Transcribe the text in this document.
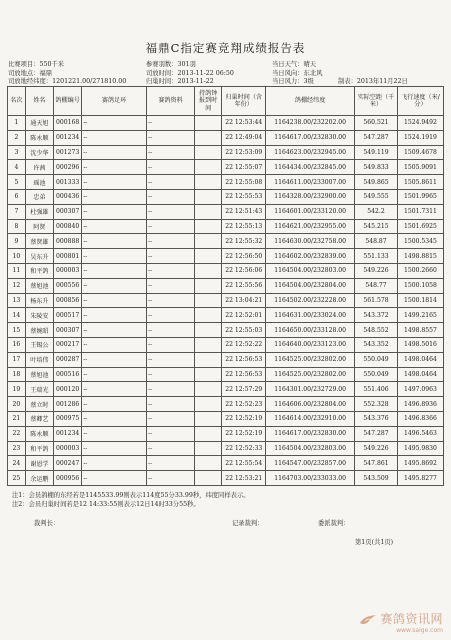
福鼎C指定赛竞翔成绩报告表
比赛项目：550千米
司放地点：福鼎
司放地经纬度：1201221.00/271810.00
参赛羽数：301羽
司放时间：2013-11-22 06:50
归巢时间：2013-11-22
当日天气：晴天
当日风向：东北风
当日风力：3级	制表：2013年11月22日
名次	姓名	鸽棚编号	赛鸽足环	赛鸽资料	持鸽钟报到时间	归巢时间（含年份）	鸽棚经纬度	实际空距（千米）	飞行速度（米/分）
1	通天旭	000168	--	--		22 12:53:44	1164238.00/232202.00	560.521	1524.9492
2	陈永顺	001234	--	--		22 12:49:04	1164617.00/232830.00	547.287	1524.1919
3	沈少华	001273	--	--		22 12:53:09	1164623.00/232945.00	549.119	1509.4678
4	许茜	000296	--	--		22 12:55:07	1164434.00/232845.00	549.833	1505.9091
5	瑶池	001333	--	--		22 12:55:08	1164611.00/233007.00	549.865	1505.8611
6	忠弟	000436	--	--		22 12:55:53	1164328.00/232900.00	549.555	1501.9965
7	杜强雄	000307	--	--		22 12:51:43	1164601.00/233120.00	542.2	1501.7311
8	阿贤	000840	--	--		22 12:55:13	1164621.00/232955.00	545.215	1501.6925
9	蔡贤雄	000888	--	--		22 12:55:32	1164630.00/232758.00	548.87	1500.5345
10	吴东升	000801	--	--		22 12:56:50	1164602.00/232839.00	551.133	1498.8815
11	和平鸽	000003	--	--		22 12:56:06	1164504.00/232803.00	549.226	1500.2660
12	蔡旭池	000556	--	--		22 12:55:56	1164504.00/232804.00	548.77	1500.1058
13	杨东升	000856	--	--		22 13:04:21	1164502.00/232228.00	561.578	1500.1814
14	朱陵安	000517	--	--		22 12:52:01	1164631.00/233024.00	543.372	1499.2165
15	蔡婉昭	000307	--	--		22 12:55:03	1164650.00/233128.00	548.552	1498.8557
16	王锡公	000217	--	--		22 12:52:22	1164640.00/233123.00	543.352	1498.5016
17	叶培伟	000287	--	--		22 12:56:53	1164525.00/232802.00	550.049	1498.0464
18	蔡旭池	000516	--	--		22 12:56:53	1164525.00/232802.00	550.049	1498.0464
19	王瑞光	000120	--	--		22 12:57:29	1164301.00/232729.00	551.406	1497.0963
20	蔡立时	001286	--	--		22 12:52:23	1164606.00/232804.00	552.328	1496.8936
21	蔡卿艺	000975	--	--		22 12:52:19	1164614.00/232910.00	543.376	1496.8366
22	陈永顺	001234	--	--		22 12:52:19	1164617.00/232830.00	547.287	1496.5463
23	和平鸽	000003	--	--		22 12:52:33	1164504.00/232803.00	549.226	1495.9830
24	谢恩学	000247	--	--		22 12:55:54	1164547.00/232857.00	547.861	1495.8692
25	余运鹏	000956	--	--		22 12:53:21	1164703.00/233033.00	543.509	1495.8277
注1：会员鸽棚的东经若是1145533.99则表示114度55分33.99秒，纬度同样表示。
注2：会员归巢时间若是12 14:33:55则表示12日14时33分55秒。
裁判长：	记录裁判：	委派裁判：
第1页(共1页)
赛鸽资讯网
www.saige.com
